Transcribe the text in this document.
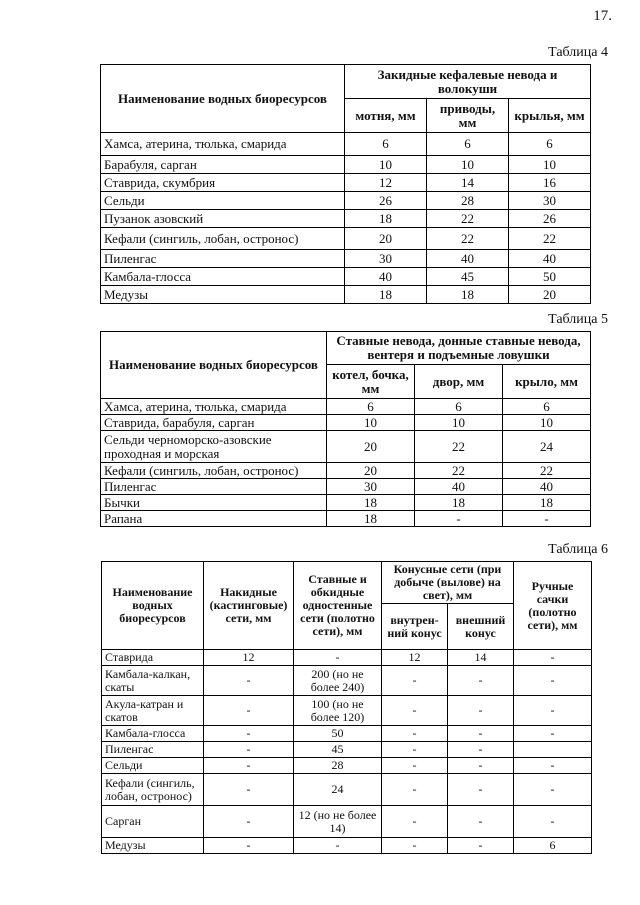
17.
Таблица 4
Наименование водных биоресурсов	Закидные кефалевые невода и волокуши		
	мотня, мм	приводы, мм	крылья, мм
Хамса, атерина, тюлька, смарида	6	6	6
Барабуля, сарган	10	10	10
Ставрида, скумбрия	12	14	16
Сельди	26	28	30
Пузанок азовский	18	22	26
Кефали (сингиль, лобан, остронос)	20	22	22
Пиленгас	30	40	40
Камбала-глосса	40	45	50
Медузы	18	18	20
Таблица 5
Наименование водных биоресурсов	Ставные невода, донные ставные невода, вентеря и подъемные ловушки		
	котел, бочка, мм	двор, мм	крыло, мм
Хамса, атерина, тюлька, смарида	6	6	6
Ставрида, барабуля, сарган	10	10	10
Сельди черноморско-азовские проходная и морская	20	22	24
Кефали (сингиль, лобан, остронос)	20	22	22
Пиленгас	30	40	40
Бычки	18	18	18
Рапана	18	-	-
Таблица 6
Наименование водных биоресурсов	Накидные (кастинговые) сети, мм	Ставные и обкидные одностенные сети (полотно сети), мм	Конусные сети (при добыче (вылове) на свет), мм		Ручные сачки (полотно сети), мм
			внутрен-ний конус	внешний конус	
Ставрида	12	-	12	14	-
Камбала-калкан, скаты	-	200 (но не более 240)	-	-	-
Акула-катран и скатов	-	100 (но не более 120)	-	-	-
Камбала-глосса	-	50	-	-	-
Пиленгас	-	45	-	-	
Сельди	-	28	-	-	-
Кефали (сингиль, лобан, остронос)	-	24	-	-	-
Сарган	-	12 (но не более 14)	-	-	-
Медузы	-	-	-	-	6
